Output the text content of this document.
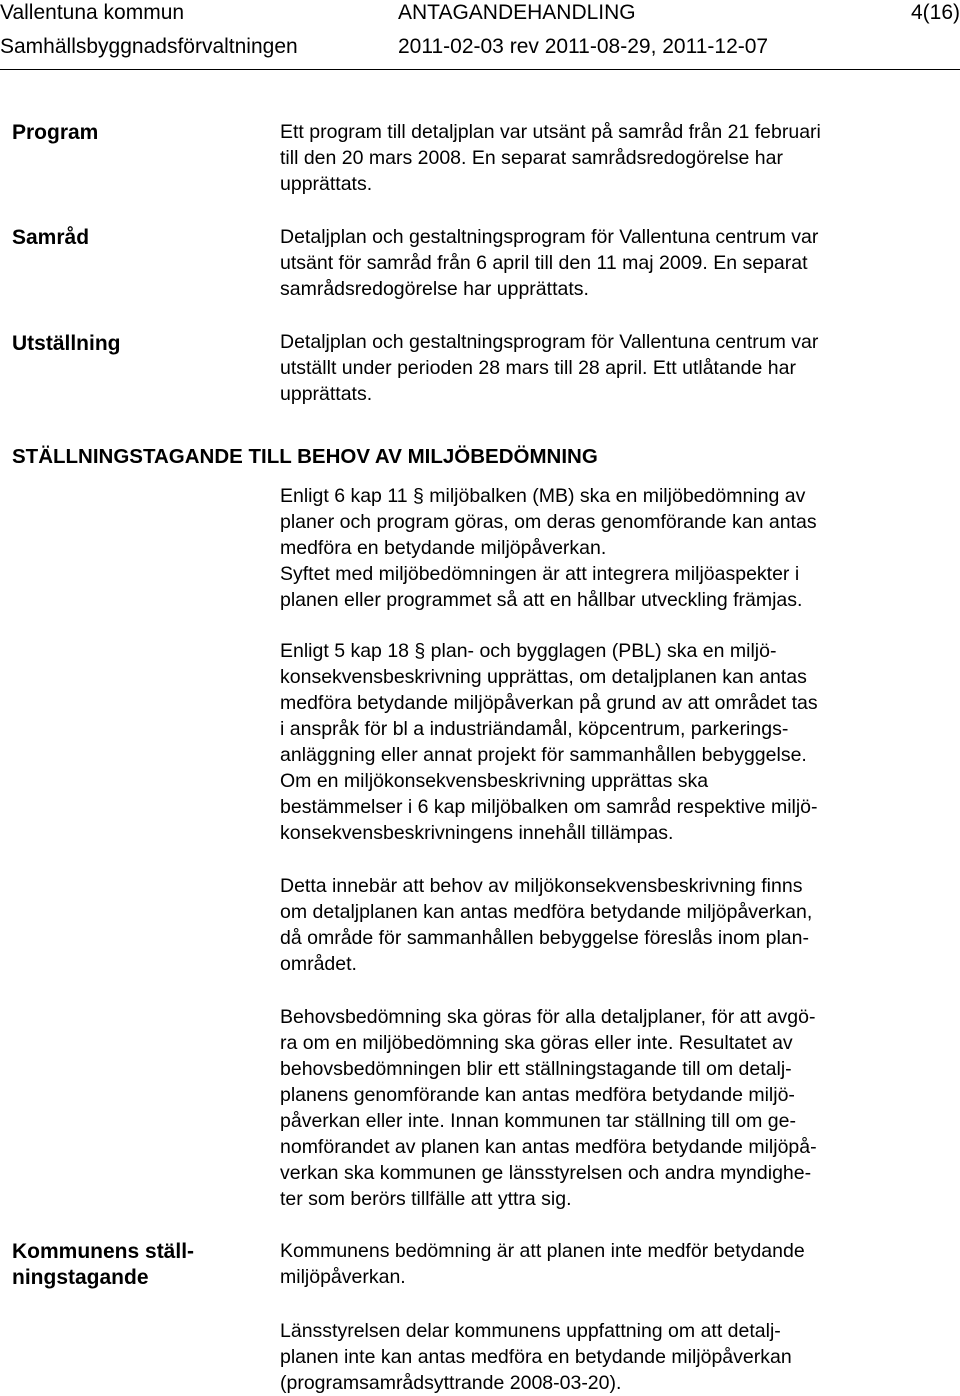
Vallentuna kommun	ANTAGANDEHANDLING	4(16)
Samhällsbyggnadsförvaltningen	2011-02-03 rev 2011-08-29, 2011-12-07
Program	Ett program till detaljplan var utsänt på samråd från 21 februari
till den 20 mars 2008. En separat samrådsredogörelse har
upprättats.
Samråd	Detaljplan och gestaltningsprogram för Vallentuna centrum var
utsänt för samråd från 6 april till den 11 maj 2009. En separat
samrådsredogörelse har upprättats.
Utställning	Detaljplan och gestaltningsprogram för Vallentuna centrum var
utställt under perioden 28 mars till 28 april. Ett utlåtande har
upprättats.
STÄLLNINGSTAGANDE TILL BEHOV AV MILJÖBEDÖMNING
Enligt 6 kap 11 § miljöbalken (MB) ska en miljöbedömning av
planer och program göras, om deras genomförande kan antas
medföra en betydande miljöpåverkan.
Syftet med miljöbedömningen är att integrera miljöaspekter i
planen eller programmet så att en hållbar utveckling främjas.
Enligt 5 kap 18 § plan- och bygglagen (PBL) ska en miljö-
konsekvensbeskrivning upprättas, om detaljplanen kan antas
medföra betydande miljöpåverkan på grund av att området tas
i anspråk för bl a industriändamål, köpcentrum, parkerings-
anläggning eller annat projekt för sammanhållen bebyggelse.
Om en miljökonsekvensbeskrivning upprättas ska
bestämmelser i 6 kap miljöbalken om samråd respektive miljö-
konsekvensbeskrivningens innehåll tillämpas.
Detta innebär att behov av miljökonsekvensbeskrivning finns
om detaljplanen kan antas medföra betydande miljöpåverkan,
då område för sammanhållen bebyggelse föreslås inom plan-
området.
Behovsbedömning ska göras för alla detaljplaner, för att avgö-
ra om en miljöbedömning ska göras eller inte. Resultatet av
behovsbedömningen blir ett ställningstagande till om detalj-
planens genomförande kan antas medföra betydande miljö-
påverkan eller inte. Innan kommunen tar ställning till om ge-
nomförandet av planen kan antas medföra betydande miljöpå-
verkan ska kommunen ge länsstyrelsen och andra myndighe-
ter som berörs tillfälle att yttra sig.
Kommunens ställ-
ningstagande
Kommunens bedömning är att planen inte medför betydande
miljöpåverkan.
Länsstyrelsen delar kommunens uppfattning om att detalj-
planen inte kan antas medföra en betydande miljöpåverkan
(programsamrådsyttrande 2008-03-20).
